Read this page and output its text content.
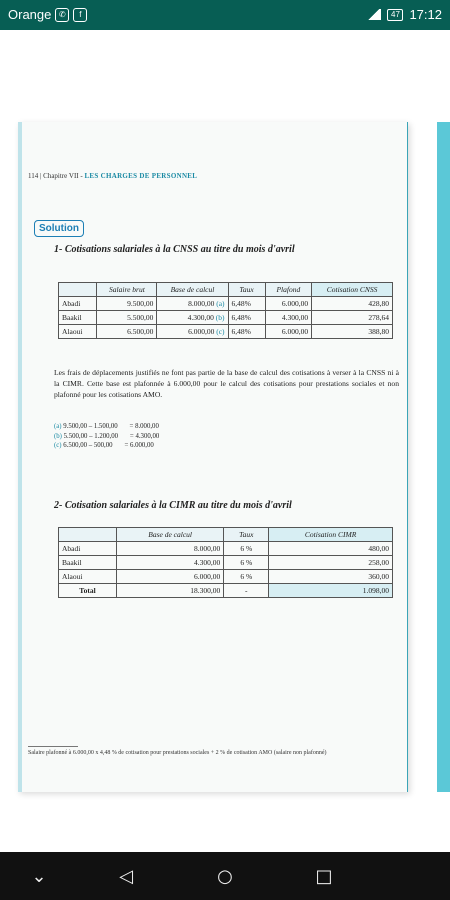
Orange ✆	f	47 17:12
114 | Chapitre VII - LES CHARGES DE PERSONNEL
Solution
1- Cotisations salariales à la CNSS au titre du mois d'avril
	Salaire brut	Base de calcul	Taux	Plafond	Cotisation CNSS
Abadi	9.500,00	8.000,00 (a)	6,48%	6.000,00	428,80
Baakil	5.500,00	4.300,00 (b)	6,48%	4.300,00	278,64
Alaoui	6.500,00	6.000,00 (c)	6,48%	6.000,00	388,80
Les frais de déplacements justifiés ne font pas partie de la base de calcul des cotisations à verser à la CNSS ni à la CIMR. Cette base est plafonnée à 6.000,00 pour le calcul des cotisations pour prestations sociales et non plafonné pour les cotisations AMO.
(a) 9.500,00 – 1.500,00 = 8.000,00
(b) 5.500,00 – 1.200,00 = 4.300,00
(c) 6.500,00 – 500,00 = 6.000,00
2- Cotisation salariales à la CIMR au titre du mois d'avril
	Base de calcul	Taux	Cotisation CIMR
Abadi	8.000,00	6 %	480,00
Baakil	4.300,00	6 %	258,00
Alaoui	6.000,00	6 %	360,00
Total	18.300,00	-	1.098,00
Salaire plafonné à 6.000,00 x 4,48 % de cotisation pour prestations sociales + 2 % de cotisation AMO (salaire non plafonné)
⌄	◁	○	□
